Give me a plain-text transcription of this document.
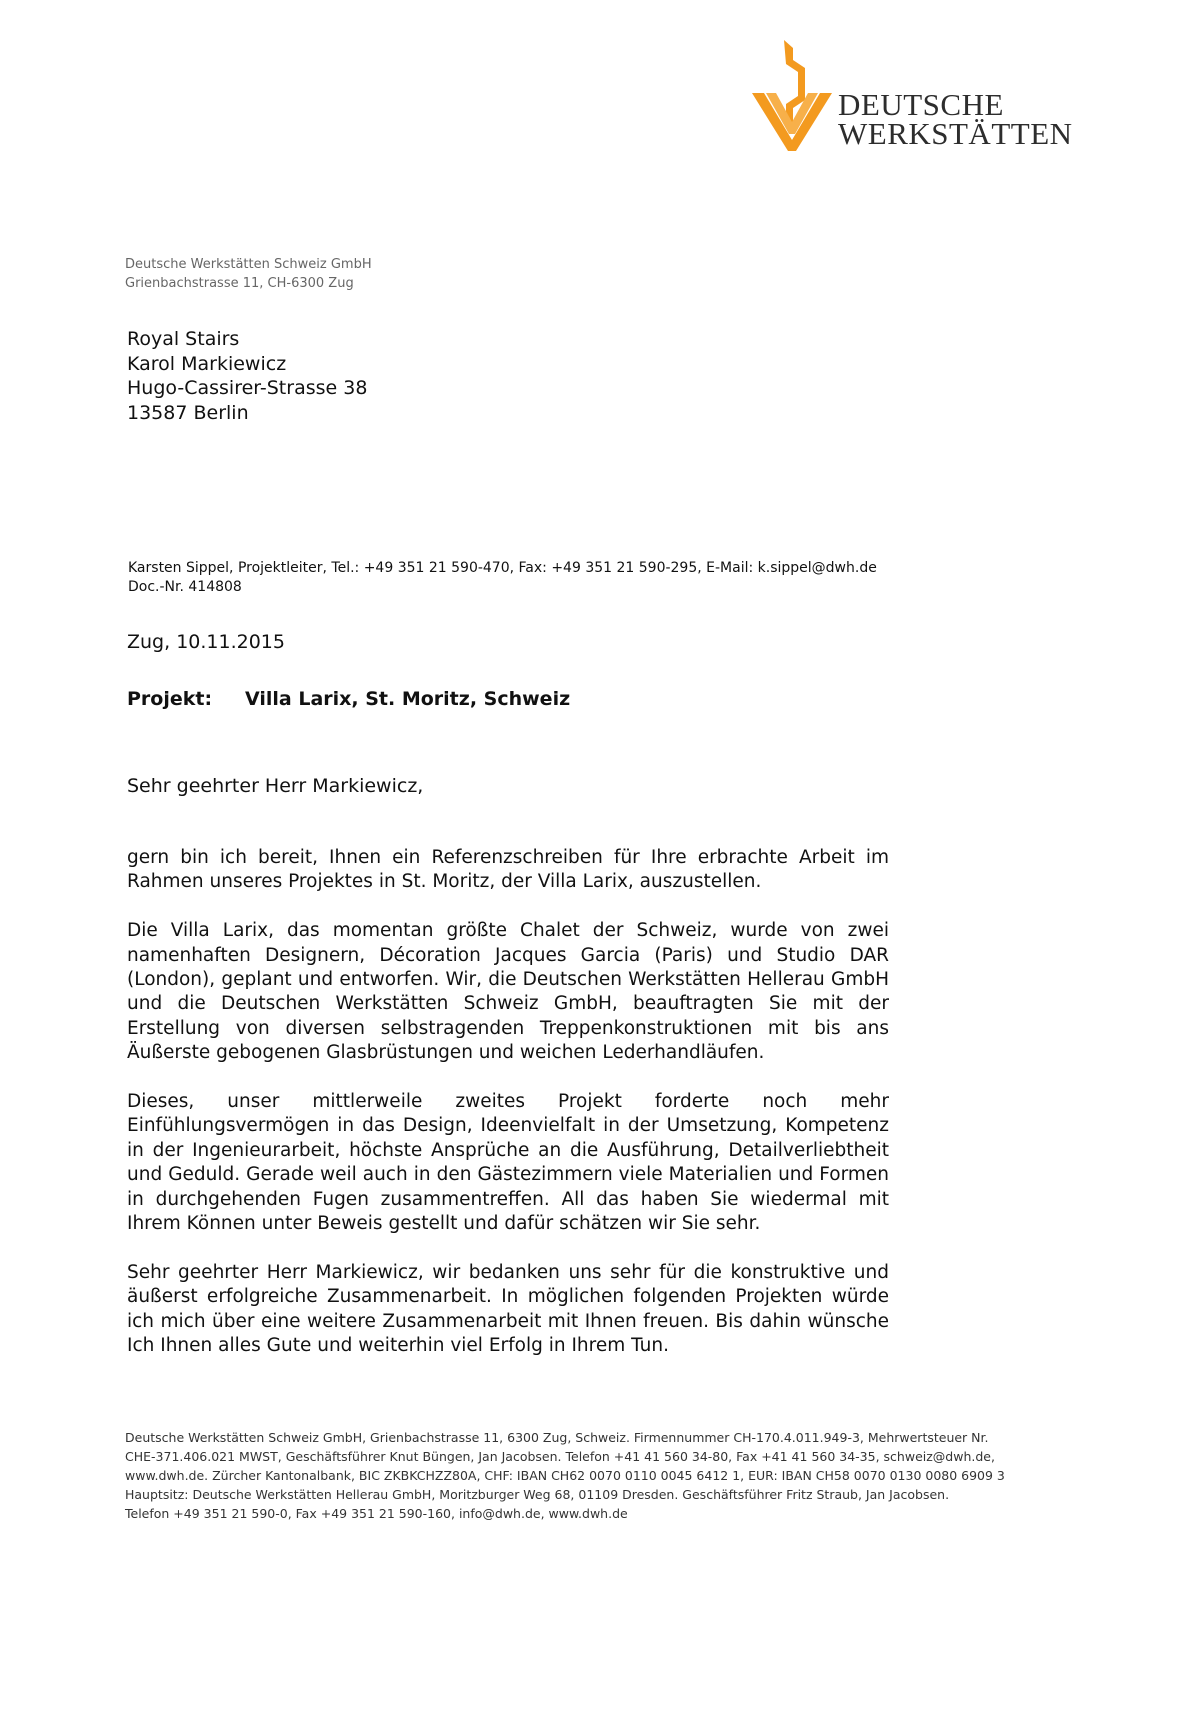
DEUTSCHE
WERKSTÄTTEN
Deutsche Werkstätten Schweiz GmbH
Grienbachstrasse 11, CH-6300 Zug
Royal Stairs
Karol Markiewicz
Hugo-Cassirer-Strasse 38
13587 Berlin
Karsten Sippel, Projektleiter, Tel.: +49 351 21 590-470, Fax: +49 351 21 590-295, E-Mail: k.sippel@dwh.de
Doc.-Nr. 414808
Zug, 10.11.2015
Projekt: Villa Larix, St. Moritz, Schweiz
Sehr geehrter Herr Markiewicz,

gern bin ich bereit, Ihnen ein Referenzschreiben für Ihre erbrachte Arbeit im Rahmen unseres Projektes in St. Moritz, der Villa Larix, auszustellen.

Die Villa Larix, das momentan größte Chalet der Schweiz, wurde von zwei namenhaften Designern, Décoration Jacques Garcia (Paris) und Studio DAR (London), geplant und entworfen. Wir, die Deutschen Werkstätten Hellerau GmbH und die Deutschen Werkstätten Schweiz GmbH, beauftragten Sie mit der Erstellung von diversen selbstragenden Treppenkonstruktionen mit bis ans Äußerste gebogenen Glasbrüstungen und weichen Lederhandläufen.

Dieses, unser mittlerweile zweites Projekt forderte noch mehr Einfühlungsvermögen in das Design, Ideenvielfalt in der Umsetzung, Kompetenz in der Ingenieurarbeit, höchste Ansprüche an die Ausführung, Detailverliebtheit und Geduld. Gerade weil auch in den Gästezimmern viele Materialien und Formen in durchgehenden Fugen zusammentreffen. All das haben Sie wiedermal mit Ihrem Können unter Beweis gestellt und dafür schätzen wir Sie sehr.

Sehr geehrter Herr Markiewicz, wir bedanken uns sehr für die konstruktive und äußerst erfolgreiche Zusammenarbeit. In möglichen folgenden Projekten würde ich mich über eine weitere Zusammenarbeit mit Ihnen freuen. Bis dahin wünsche Ich Ihnen alles Gute und weiterhin viel Erfolg in Ihrem Tun.

Deutsche Werkstätten Schweiz GmbH, Grienbachstrasse 11, 6300 Zug, Schweiz. Firmennummer CH-170.4.011.949-3, Mehrwertsteuer Nr.
CHE-371.406.021 MWST, Geschäftsführer Knut Büngen, Jan Jacobsen. Telefon +41 41 560 34-80, Fax +41 41 560 34-35, schweiz@dwh.de,
www.dwh.de. Zürcher Kantonalbank, BIC ZKBKCHZZ80A, CHF: IBAN CH62 0070 0110 0045 6412 1, EUR: IBAN CH58 0070 0130 0080 6909 3
Hauptsitz: Deutsche Werkstätten Hellerau GmbH, Moritzburger Weg 68, 01109 Dresden. Geschäftsführer Fritz Straub, Jan Jacobsen.
Telefon +49 351 21 590-0, Fax +49 351 21 590-160, info@dwh.de, www.dwh.de
